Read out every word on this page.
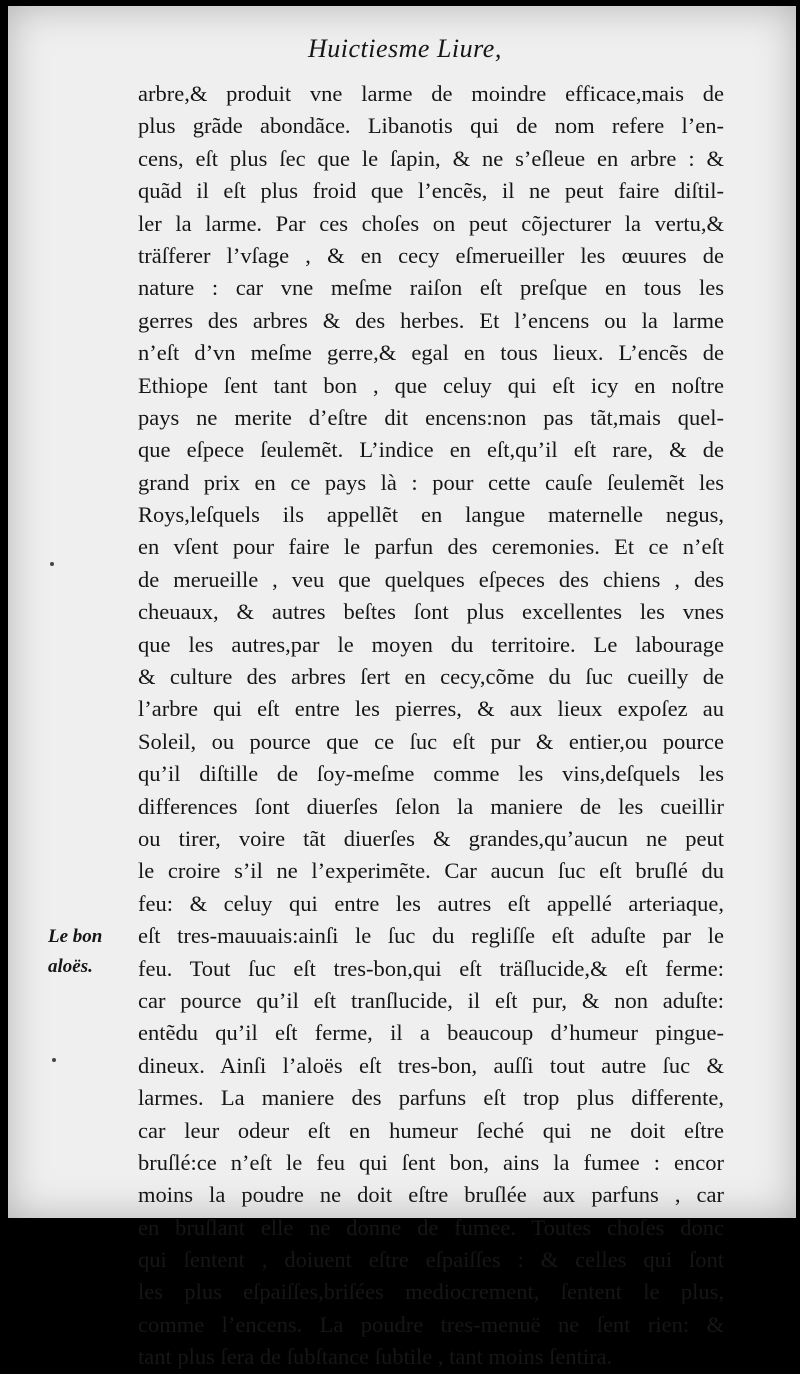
Huictiesme Liure,
arbre,& produit vne larme de moindre efficace,mais de
plus grãde abondãce. Libanotis qui de nom refere l’en-
cens, eſt plus ſec que le ſapin, & ne s’eſleue en arbre : &
quãd il eſt plus froid que l’encẽs, il ne peut faire diſtil-
ler la larme. Par ces choſes on peut cõjecturer la vertu,&
träſferer l’vſage , & en cecy eſmerueiller les œuures de
nature : car vne meſme raiſon eſt preſque en tous les
gerres des arbres & des herbes. Et l’encens ou la larme
n’eſt d’vn meſme gerre,& egal en tous lieux. L’encẽs de
Ethiope ſent tant bon , que celuy qui eſt icy en noſtre
pays ne merite d’eſtre dit encens:non pas tãt,mais quel-
que eſpece ſeulemẽt. L’indice en eſt,qu’il eſt rare, & de
grand prix en ce pays là : pour cette cauſe ſeulemẽt les
Roys,leſquels ils appellẽt en langue maternelle negus,
en vſent pour faire le parfun des ceremonies. Et ce n’eſt
de merueille , veu que quelques eſpeces des chiens , des
cheuaux, & autres beſtes ſont plus excellentes les vnes
que les autres,par le moyen du territoire. Le labourage
& culture des arbres ſert en cecy,cõme du ſuc cueilly de
l’arbre qui eſt entre les pierres, & aux lieux expoſez au
Soleil, ou pource que ce ſuc eſt pur & entier,ou pource
qu’il diſtille de ſoy-meſme comme les vins,deſquels les
differences ſont diuerſes ſelon la maniere de les cueillir
ou tirer, voire tãt diuerſes & grandes,qu’aucun ne peut
le croire s’il ne l’experimẽte. Car aucun ſuc eſt bruſlé du
feu: & celuy qui entre les autres eſt appellé arteriaque,
eſt tres-mauuais:ainſi le ſuc du regliſſe eſt aduſte par le
feu. Tout ſuc eſt tres-bon,qui eſt träſlucide,& eſt ferme:
car pource qu’il eſt tranſlucide, il eſt pur, & non aduſte:
entẽdu qu’il eſt ferme, il a beaucoup d’humeur pingue-
dineux. Ainſi l’aloës eſt tres-bon, auſſi tout autre ſuc &
larmes. La maniere des parfuns eſt trop plus differente,
car leur odeur eſt en humeur ſeché qui ne doit eſtre
bruſlé:ce n’eſt le feu qui ſent bon, ains la fumee : encor
moins la poudre ne doit eſtre bruſlée aux parfuns , car
en bruſlant elle ne donne de fumee. Toutes choſes donc
qui ſentent , doiuent eſtre eſpaiſſes : & celles qui ſont
les plus eſpaiſſes,briſées mediocrement, ſentent le plus,
comme l’encens. La poudre tres-menuë ne ſent rien: &
tant plus ſera de ſubſtance ſubtile , tant moins ſentira.
Le bon
aloës.
